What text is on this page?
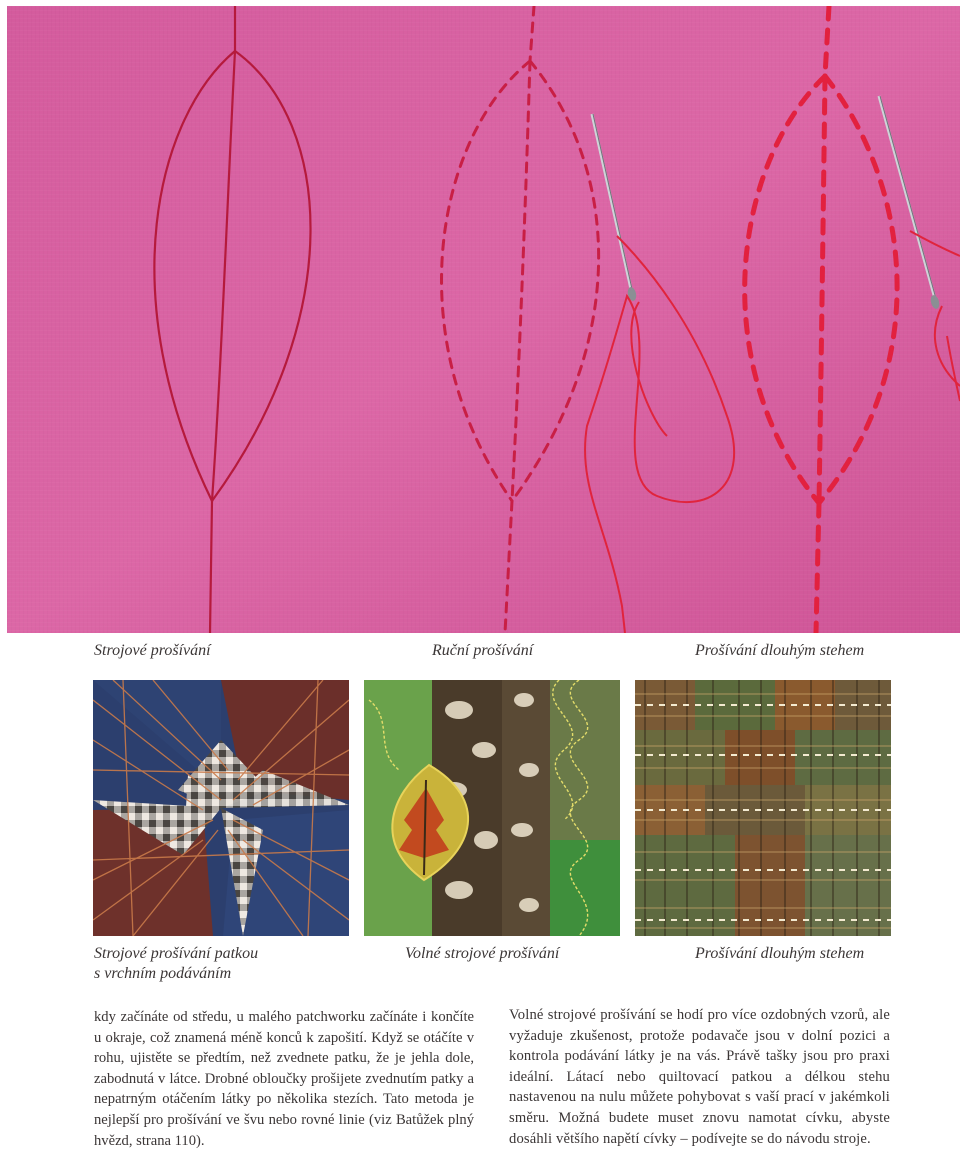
Strojové prošívání	Ruční prošívání	Prošívání dlouhým stehem
Strojové prošívání patkou
s vrchním podáváním
Volné strojové prošívání	Prošívání dlouhým stehem
kdy začínáte od středu, u malého patchworku začínáte i končíte u okraje, což znamená méně konců k zapošití. Když se otáčíte v rohu, ujistěte se předtím, než zvednete patku, že je jehla dole, zabodnutá v látce. Drobné obloučky prošijete zvednutím patky a nepatrným otáčením látky po několika stezích. Tato metoda je nejlepší pro prošívání ve švu nebo rovné linie (viz Batůžek plný hvězd, strana 110).
Volné strojové prošívání se hodí pro více ozdobných vzorů, ale vyžaduje zkušenost, protože podavače jsou v dolní pozici a kontrola podávání látky je na vás. Právě tašky jsou pro praxi ideální. Látací nebo quiltovací patkou a délkou stehu nastavenou na nulu můžete pohybovat s vaší prací v jakémkoli směru. Možná budete muset znovu namotat cívku, abyste dosáhli většího napětí cívky – podívejte se do návodu stroje.
